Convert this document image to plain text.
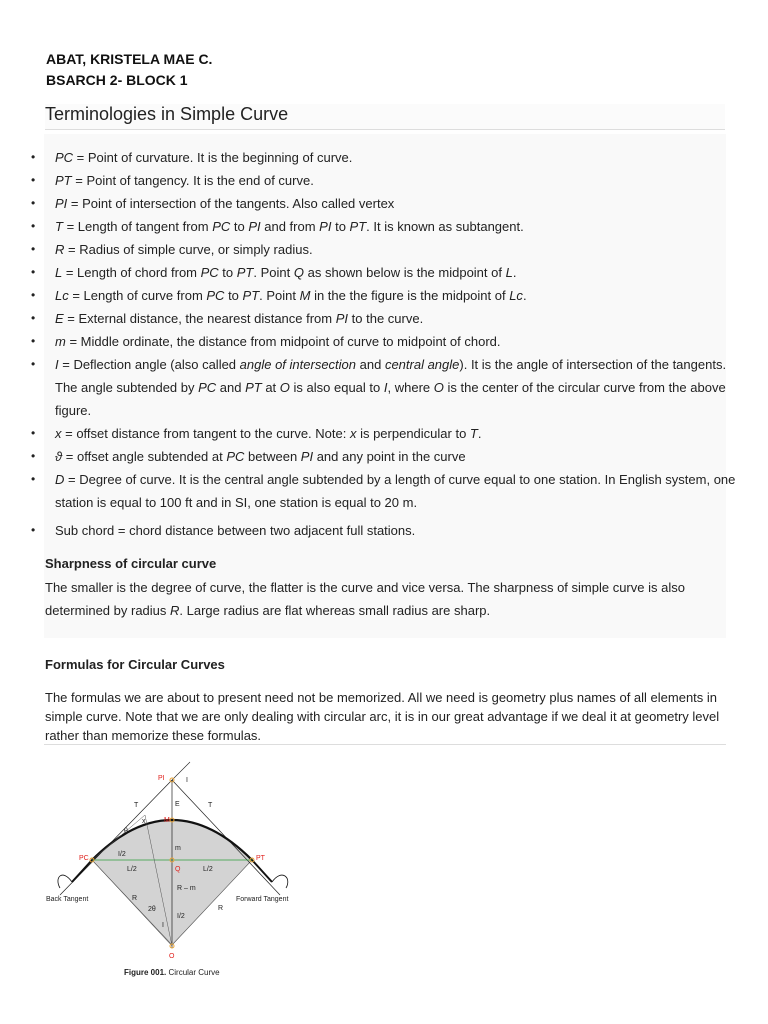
ABAT, KRISTELA MAE C.
BSARCH 2- BLOCK 1
Terminologies in Simple Curve
• PC = Point of curvature. It is the beginning of curve.
• PT = Point of tangency. It is the end of curve.
• PI = Point of intersection of the tangents. Also called vertex
• T = Length of tangent from PC to PI and from PI to PT. It is known as subtangent.
• R = Radius of simple curve, or simply radius.
• L = Length of chord from PC to PT. Point Q as shown below is the midpoint of L.
• Lc = Length of curve from PC to PT. Point M in the the figure is the midpoint of Lc.
• E = External distance, the nearest distance from PI to the curve.
• m = Middle ordinate, the distance from midpoint of curve to midpoint of chord.
• I = Deflection angle (also called angle of intersection and central angle). It is the angle of intersection of the tangents. The angle subtended by PC and PT at O is also equal to I, where O is the center of the circular curve from the above figure.
• x = offset distance from tangent to the curve. Note: x is perpendicular to T.
• ϑ = offset angle subtended at PC between PI and any point in the curve
• D = Degree of curve. It is the central angle subtended by a length of curve equal to one station. In English system, one station is equal to 100 ft and in SI, one station is equal to 20 m.
• Sub chord = chord distance between two adjacent full stations.
Sharpness of circular curve
The smaller is the degree of curve, the flatter is the curve and vice versa. The sharpness of simple curve is also determined by radius R. Large radius are flat whereas small radius are sharp.
Formulas for Circular Curves
The formulas we are about to present need not be memorized. All we need is geometry plus names of all elements in simple curve. Note that we are only dealing with circular arc, it is in our great advantage if we deal it at geometry level rather than memorize these formulas.
PI	I
T	T
E
x
θ
M
m
PC	PT
I/2
L/2	Q	L/2
R – m
Back Tangent	Forward Tangent
R
R
2θ
I
I/2
O
Figure 001. Circular Curve
